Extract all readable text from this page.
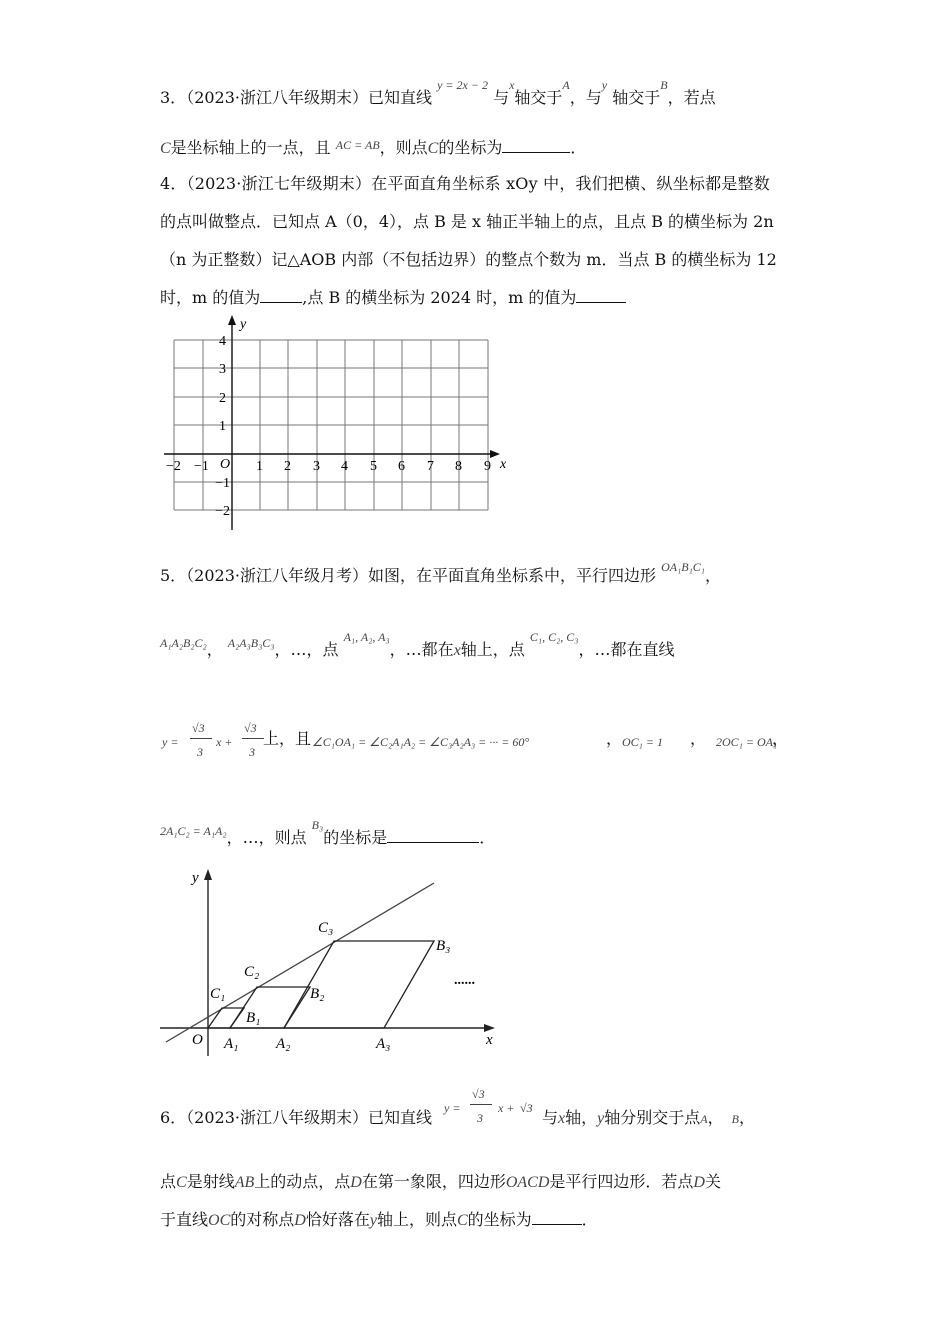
3．（2023·浙江八年级期末）已知直线 $^{y = 2x - 2}$ 与$^x$轴交于$^A$，与$^y$ 轴交于$^B$，若点
C是坐标轴上的一点，且 $^{AC = AB}$，则点C的坐标为	．
4．（2023·浙江七年级期末）在平面直角坐标系 xOy 中，我们把横、纵坐标都是整数
的点叫做整点．已知点 A（0，4），点 B 是 x 轴正半轴上的点，且点 B 的横坐标为 2n
（n 为正整数）记△AOB 内部（不包括边界）的整点个数为 m．当点 B 的横坐标为 12
时，m 的值为	,点 B 的横坐标为 2024 时，m 的值为
x
y
O
−2 −1	1 2 3 4 5 6 7 8 9
4
3
2
1
−1
−2
5．（2023·浙江八年级月考）如图，在平面直角坐标系中，平行四边形 $^{OA_1B_1C_1}$，
$^{A_1A_2B_2C_2}$， $^{A_2A_3B_3C_3}$，…，点 $^{A_1, A_2, A_3}$，…都在x轴上，点 $^{C_1, C_2, C_3}$，…都在直线
y =
√3
3
x +
√3
3
上，且 ∠C₁OA₁ = ∠C₂A₁A₂ = ∠C₃A₂A₃ = ··· = 60°	， OC₁ = 1 ， 2OC₁ = OA₁
，
$^{2A_1C_2 = A_1A_2}$，…，则点 $^{B_3}$的坐标是	．
y
x
O
C₁
B₁
A₁
C₂
B₂
A₂
C₃
B₃
A₃
......
6．（2023·浙江八年级期末）已知直线 y =
√3
3
x + √3 与x轴，y轴分别交于点A， B，
点C是射线AB上的动点，点D在第一象限，四边形OACD是平行四边形．若点D关
于直线OC的对称点D恰好落在y轴上，则点C的坐标为	．
